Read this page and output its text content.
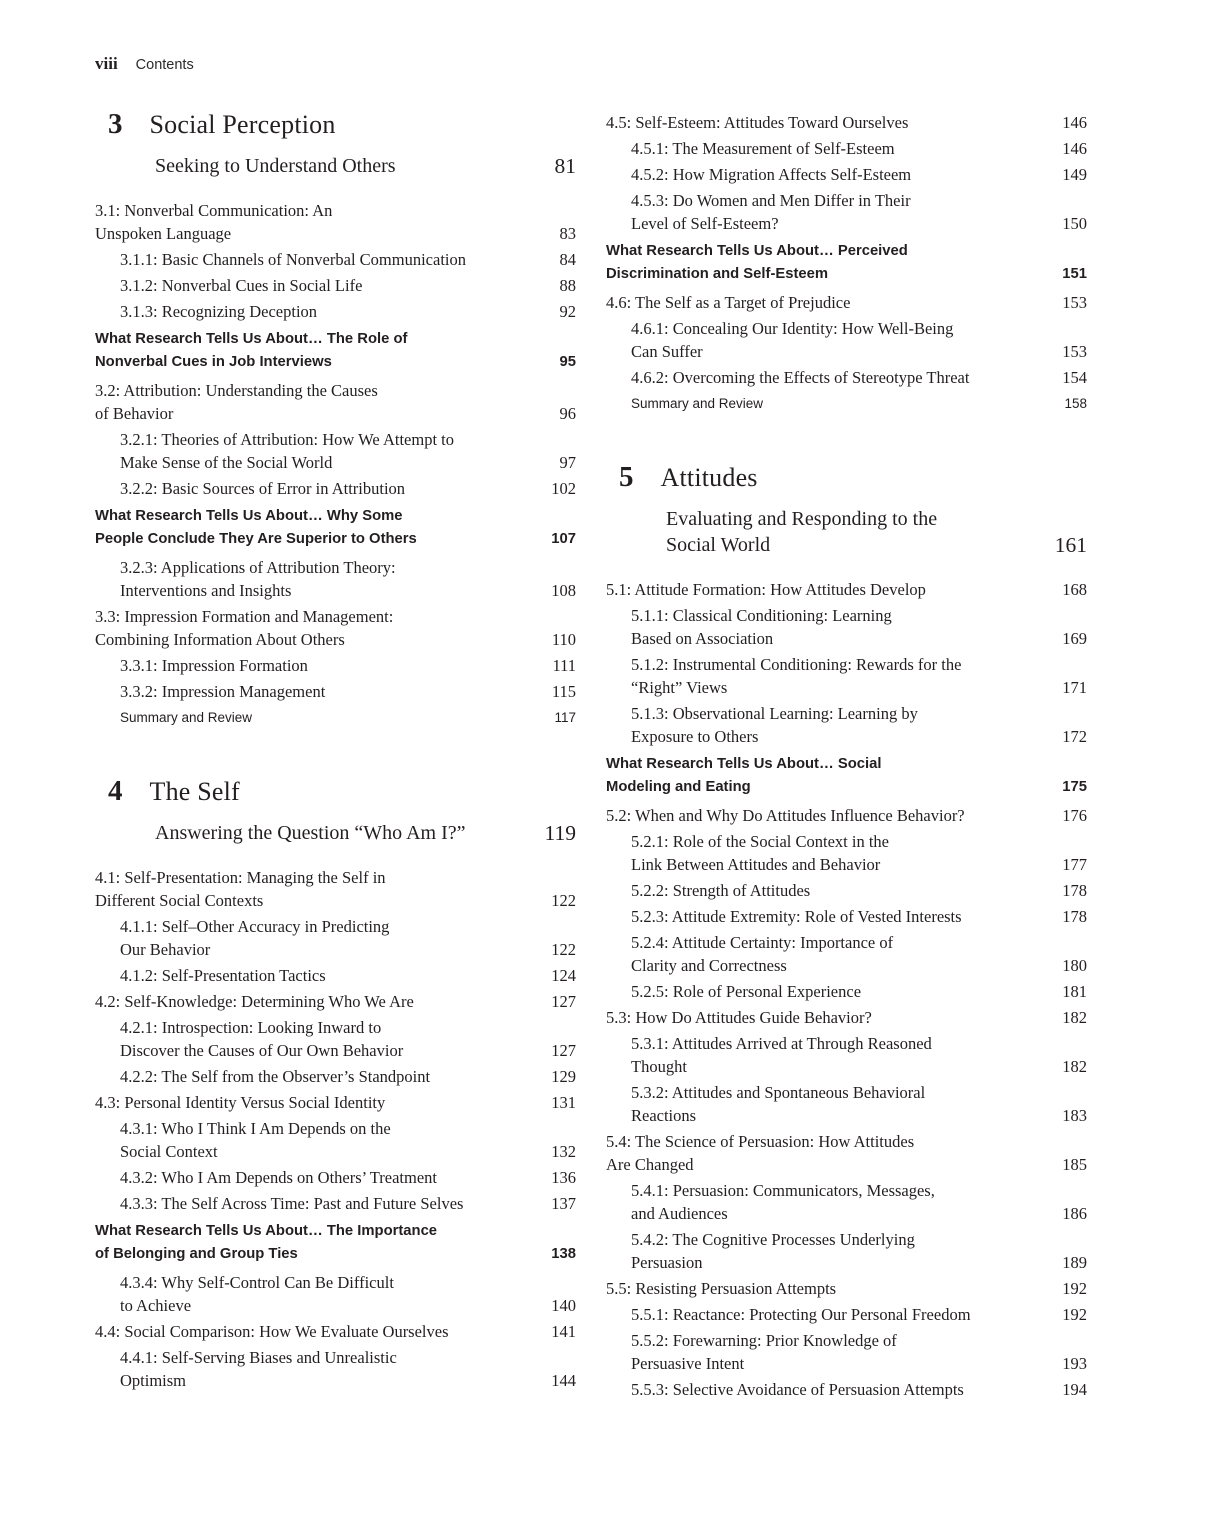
viii Contents
3 Social Perception
Seeking to Understand Others	81
3.1: Nonverbal Communication: An
Unspoken Language	83
3.1.1: Basic Channels of Nonverbal Communication	84
3.1.2: Nonverbal Cues in Social Life	88
3.1.3: Recognizing Deception	92
What Research Tells Us About… The Role of
Nonverbal Cues in Job Interviews	95
3.2: Attribution: Understanding the Causes
of Behavior	96
3.2.1: Theories of Attribution: How We Attempt to
Make Sense of the Social World	97
3.2.2: Basic Sources of Error in Attribution	102
What Research Tells Us About… Why Some
People Conclude They Are Superior to Others	107
3.2.3: Applications of Attribution Theory:
Interventions and Insights	108
3.3: Impression Formation and Management:
Combining Information About Others	110
3.3.1: Impression Formation	111
3.3.2: Impression Management	115
Summary and Review	117
4 The Self
Answering the Question “Who Am I?”	119
4.1: Self-Presentation: Managing the Self in
Different Social Contexts	122
4.1.1: Self–Other Accuracy in Predicting
Our Behavior	122
4.1.2: Self-Presentation Tactics	124
4.2: Self-Knowledge: Determining Who We Are	127
4.2.1: Introspection: Looking Inward to
Discover the Causes of Our Own Behavior	127
4.2.2: The Self from the Observer’s Standpoint	129
4.3: Personal Identity Versus Social Identity	131
4.3.1: Who I Think I Am Depends on the
Social Context	132
4.3.2: Who I Am Depends on Others’ Treatment	136
4.3.3: The Self Across Time: Past and Future Selves	137
What Research Tells Us About… The Importance
of Belonging and Group Ties	138
4.3.4: Why Self-Control Can Be Difficult
to Achieve	140
4.4: Social Comparison: How We Evaluate Ourselves	141
4.4.1: Self-Serving Biases and Unrealistic
Optimism	144
4.5: Self-Esteem: Attitudes Toward Ourselves	146
4.5.1: The Measurement of Self-Esteem	146
4.5.2: How Migration Affects Self-Esteem	149
4.5.3: Do Women and Men Differ in Their
Level of Self-Esteem?	150
What Research Tells Us About… Perceived
Discrimination and Self-Esteem	151
4.6: The Self as a Target of Prejudice	153
4.6.1: Concealing Our Identity: How Well-Being
Can Suffer	153
4.6.2: Overcoming the Effects of Stereotype Threat	154
Summary and Review	158
5 Attitudes
Evaluating and Responding to the
Social World	161
5.1: Attitude Formation: How Attitudes Develop	168
5.1.1: Classical Conditioning: Learning
Based on Association	169
5.1.2: Instrumental Conditioning: Rewards for the
“Right” Views	171
5.1.3: Observational Learning: Learning by
Exposure to Others	172
What Research Tells Us About… Social
Modeling and Eating	175
5.2: When and Why Do Attitudes Influence Behavior?	176
5.2.1: Role of the Social Context in the
Link Between Attitudes and Behavior	177
5.2.2: Strength of Attitudes	178
5.2.3: Attitude Extremity: Role of Vested Interests	178
5.2.4: Attitude Certainty: Importance of
Clarity and Correctness	180
5.2.5: Role of Personal Experience	181
5.3: How Do Attitudes Guide Behavior?	182
5.3.1: Attitudes Arrived at Through Reasoned
Thought	182
5.3.2: Attitudes and Spontaneous Behavioral
Reactions	183
5.4: The Science of Persuasion: How Attitudes
Are Changed	185
5.4.1: Persuasion: Communicators, Messages,
and Audiences	186
5.4.2: The Cognitive Processes Underlying
Persuasion	189
5.5: Resisting Persuasion Attempts	192
5.5.1: Reactance: Protecting Our Personal Freedom	192
5.5.2: Forewarning: Prior Knowledge of
Persuasive Intent	193
5.5.3: Selective Avoidance of Persuasion Attempts	194
